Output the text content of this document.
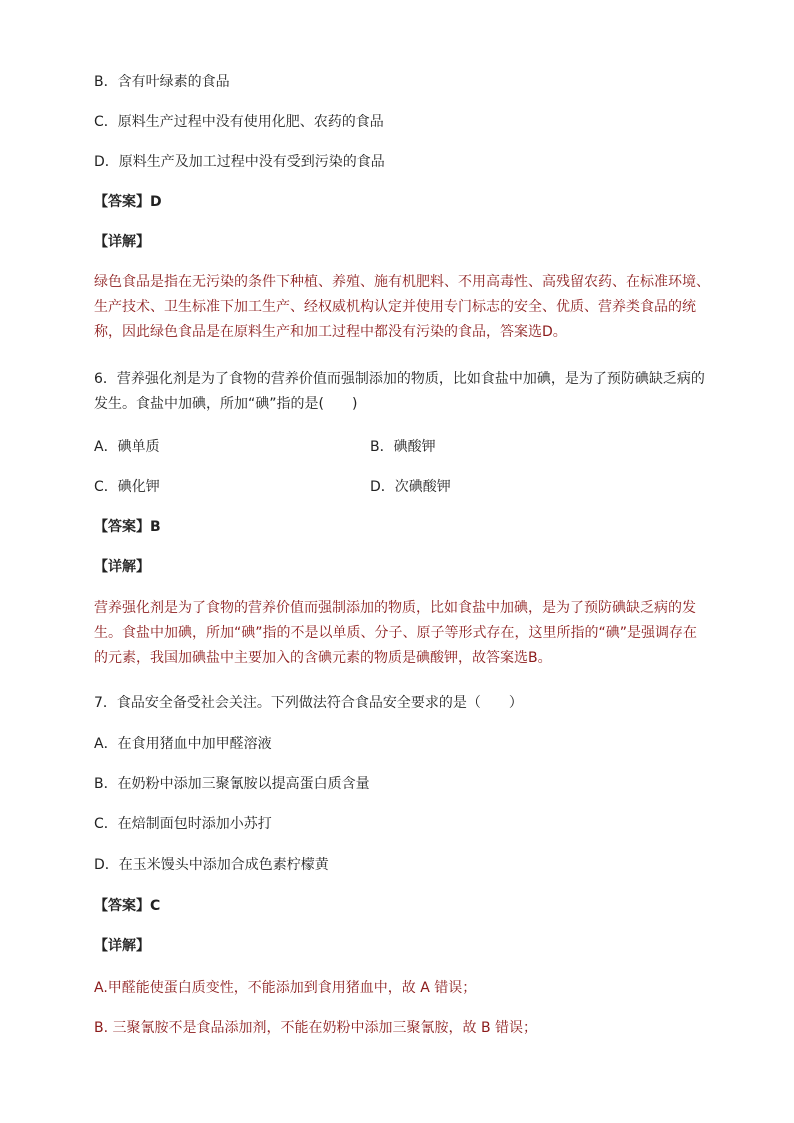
B．含有叶绿素的食品
C．原料生产过程中没有使用化肥、农药的食品
D．原料生产及加工过程中没有受到污染的食品
【答案】D
【详解】
绿色食品是指在无污染的条件下种植、养殖、施有机肥料、不用高毒性、高残留农药、在标准环境、
生产技术、卫生标准下加工生产、经权威机构认定并使用专门标志的安全、优质、营养类食品的统
称，因此绿色食品是在原料生产和加工过程中都没有污染的食品，答案选D。
6．营养强化剂是为了食物的营养价值而强制添加的物质，比如食盐中加碘，是为了预防碘缺乏病的
发生。食盐中加碘，所加“碘”指的是(　　)
A．碘单质	B．碘酸钾
C．碘化钾	D．次碘酸钾
【答案】B
【详解】
营养强化剂是为了食物的营养价值而强制添加的物质，比如食盐中加碘，是为了预防碘缺乏病的发
生。食盐中加碘，所加“碘”指的不是以单质、分子、原子等形式存在，这里所指的“碘”是强调存在
的元素，我国加碘盐中主要加入的含碘元素的物质是碘酸钾，故答案选B。
7．食品安全备受社会关注。下列做法符合食品安全要求的是（　　）
A．在食用猪血中加甲醛溶液
B．在奶粉中添加三聚氰胺以提高蛋白质含量
C．在焙制面包时添加小苏打
D．在玉米馒头中添加合成色素柠檬黄
【答案】C
【详解】
A.甲醛能使蛋白质变性，不能添加到食用猪血中，故 A 错误；
B. 三聚氰胺不是食品添加剂，不能在奶粉中添加三聚氰胺，故 B 错误；
